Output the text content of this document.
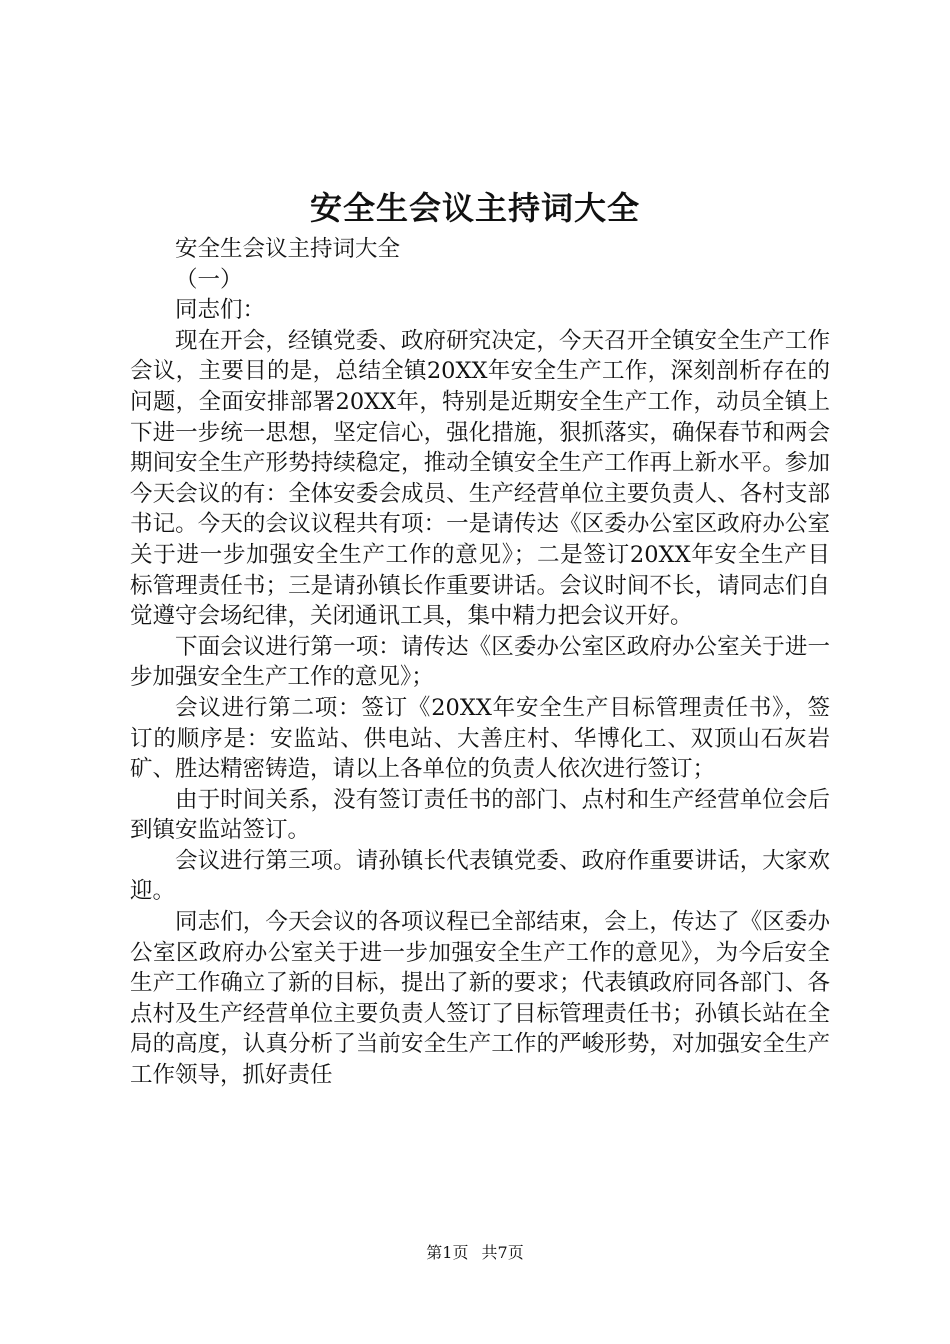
安全生会议主持词大全

安全生会议主持词大全

（一）

同志们：

现在开会，经镇党委、政府研究决定，今天召开全镇安全生产工作会议，主要目的是，总结全镇20XX年安全生产工作，深刻剖析存在的问题，全面安排部署20XX年，特别是近期安全生产工作，动员全镇上下进一步统一思想，坚定信心，强化措施，狠抓落实，确保春节和两会期间安全生产形势持续稳定，推动全镇安全生产工作再上新水平。参加今天会议的有：全体安委会成员、生产经营单位主要负责人、各村支部书记。今天的会议议程共有项：一是请传达《区委办公室区政府办公室关于进一步加强安全生产工作的意见》；二是签订20XX年安全生产目标管理责任书；三是请孙镇长作重要讲话。会议时间不长，请同志们自觉遵守会场纪律，关闭通讯工具，集中精力把会议开好。

下面会议进行第一项：请传达《区委办公室区政府办公室关于进一步加强安全生产工作的意见》；

会议进行第二项：签订《20XX年安全生产目标管理责任书》，签订的顺序是：安监站、供电站、大善庄村、华博化工、双顶山石灰岩矿、胜达精密铸造，请以上各单位的负责人依次进行签订；

由于时间关系，没有签订责任书的部门、点村和生产经营单位会后到镇安监站签订。

会议进行第三项。请孙镇长代表镇党委、政府作重要讲话，大家欢迎。

同志们，今天会议的各项议程已全部结束，会上，传达了《区委办公室区政府办公室关于进一步加强安全生产工作的意见》，为今后安全生产工作确立了新的目标，提出了新的要求；代表镇政府同各部门、各点村及生产经营单位主要负责人签订了目标管理责任书；孙镇长站在全局的高度，认真分析了当前安全生产工作的严峻形势，对加强安全生产工作领导，抓好责任

第1页 共7页
